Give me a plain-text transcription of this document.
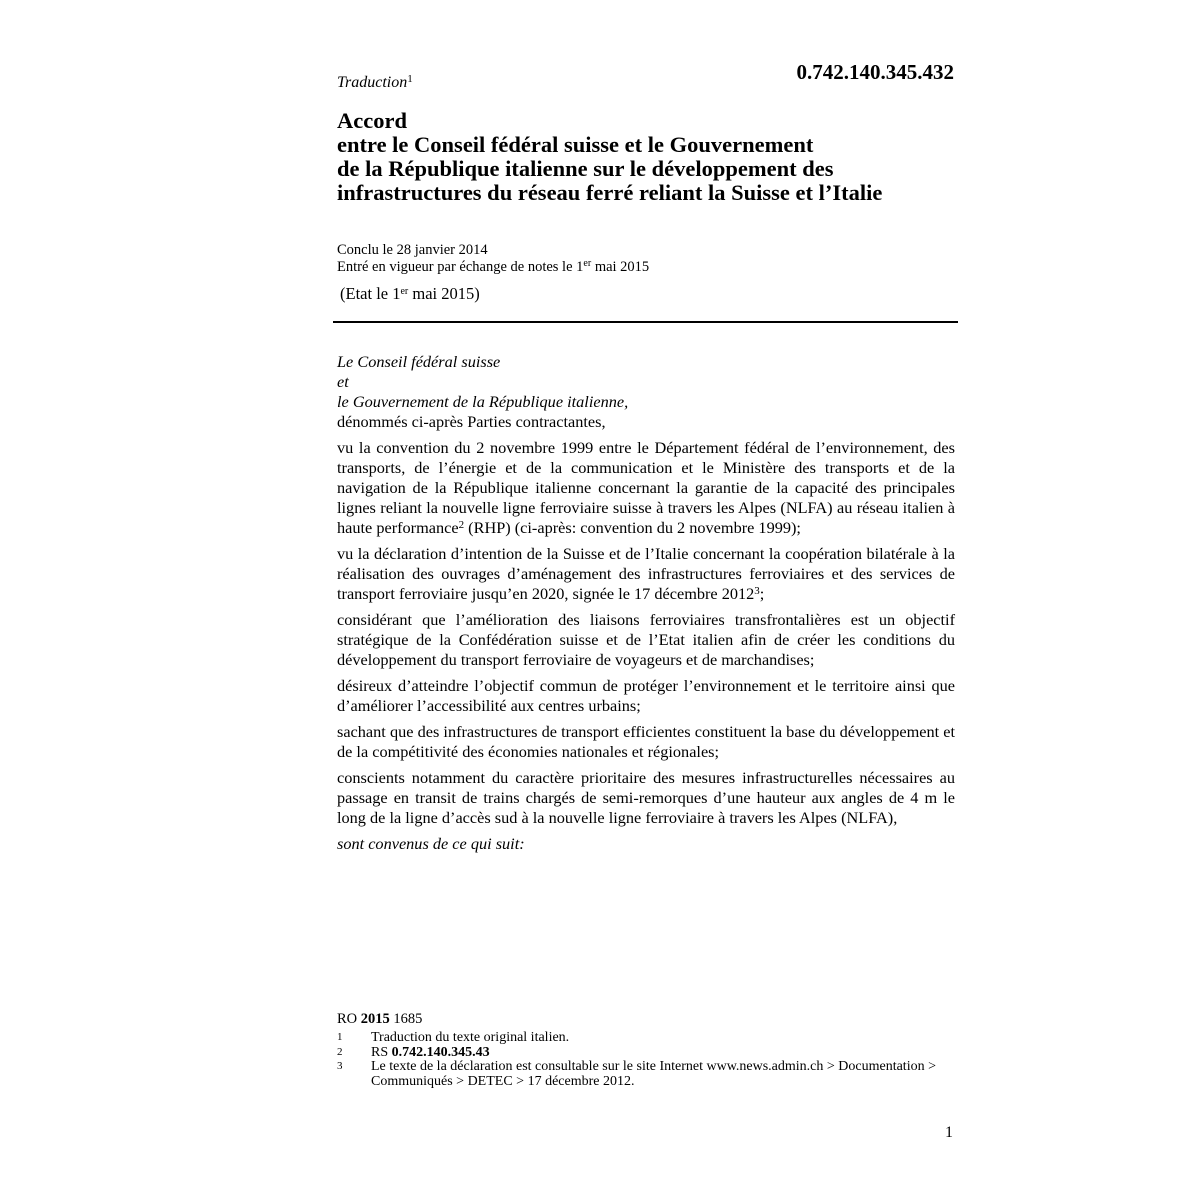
Traduction$^1$	0.742.140.345.432
Accord
entre le Conseil fédéral suisse et le Gouvernement
de la République italienne sur le développement des
infrastructures du réseau ferré reliant la Suisse et l’Italie
Conclu le 28 janvier 2014
Entré en vigueur par échange de notes le 1er mai 2015
(Etat le 1er mai 2015)
Le Conseil fédéral suisse
et
le Gouvernement de la République italienne,

dénommés ci-après Parties contractantes,

vu la convention du 2 novembre 1999 entre le Département fédéral de l’environnement, des transports, de l’énergie et de la communication et le Ministère des transports et de la navigation de la République italienne concernant la garantie de la capacité des principales lignes reliant la nouvelle ligne ferroviaire suisse à travers les Alpes (NLFA) au réseau italien à haute performance$^2$ (RHP) (ci-après: convention du 2 novembre 1999);

vu la déclaration d’intention de la Suisse et de l’Italie concernant la coopération bilatérale à la réalisation des ouvrages d’aménagement des infrastructures ferroviaires et des services de transport ferroviaire jusqu’en 2020, signée le 17 décembre 2012$^3$;

considérant que l’amélioration des liaisons ferroviaires transfrontalières est un objectif stratégique de la Confédération suisse et de l’Etat italien afin de créer les conditions du développement du transport ferroviaire de voyageurs et de marchandises;

désireux d’atteindre l’objectif commun de protéger l’environnement et le territoire ainsi que d’améliorer l’accessibilité aux centres urbains;

sachant que des infrastructures de transport efficientes constituent la base du développement et de la compétitivité des économies nationales et régionales;

conscients notamment du caractère prioritaire des mesures infrastructurelles nécessaires au passage en transit de trains chargés de semi-remorques d’une hauteur aux angles de 4 m le long de la ligne d’accès sud à la nouvelle ligne ferroviaire à travers les Alpes (NLFA),

sont convenus de ce qui suit:
RO 2015 1685
1	Traduction du texte original italien.
2	RS 0.742.140.345.43
3	Le texte de la déclaration est consultable sur le site Internet www.news.admin.ch > Documentation > Communiqués > DETEC > 17 décembre 2012.
1
